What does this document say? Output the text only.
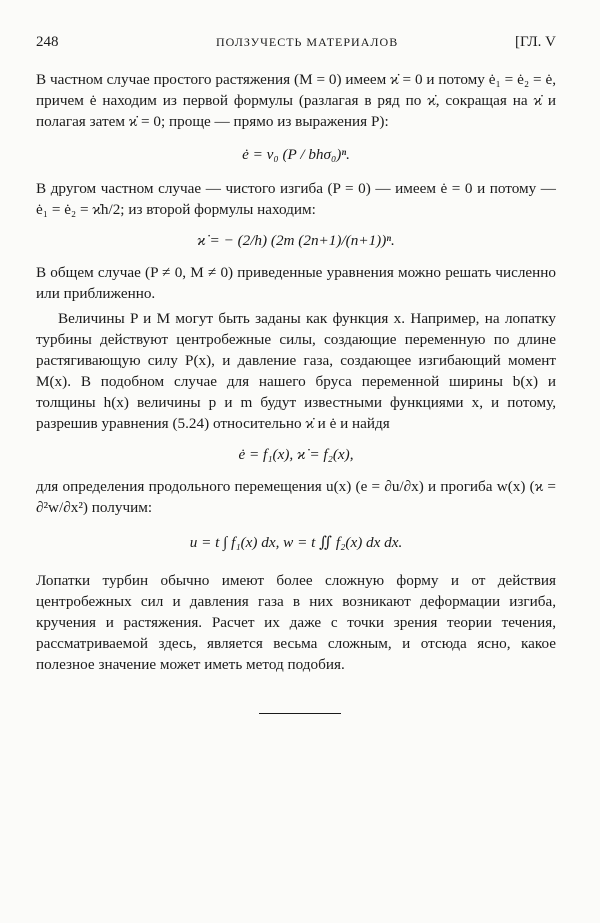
248	ПОЛЗУЧЕСТЬ МАТЕРИАЛОВ	[ГЛ. V

В частном случае простого растяжения (M = 0) имеем ϰ̇ = 0 и потому ė₁ = ė₂ = ė, причем ė находим из первой формулы (разлагая в ряд по ϰ̇, сокращая на ϰ̇ и полагая затем ϰ̇ = 0; проще — прямо из выражения P):

ė = v₀ (P / bhσ₀)ⁿ.

В другом частном случае — чистого изгиба (P = 0) — имеем ė = 0 и потому — ė₁ = ė₂ = ϰ̇h/2; из второй формулы находим:

ϰ̇ = − (2/h) (2m (2n+1)/(n+1))ⁿ.

В общем случае (P ≠ 0, M ≠ 0) приведенные уравнения можно решать численно или приближенно.

Величины P и M могут быть заданы как функция x. Например, на лопатку турбины действуют центробежные силы, создающие переменную по длине растягивающую силу P(x), и давление газа, создающее изгибающий момент M(x). В подобном случае для нашего бруса переменной ширины b(x) и толщины h(x) величины p и m будут известными функциями x, и потому, разрешив уравнения (5.24) относительно ϰ̇ и ė и найдя

ė = f₁(x), ϰ̇ = f₂(x),

для определения продольного перемещения u(x) (e = ∂u/∂x) и прогиба w(x) (ϰ = ∂²w/∂x²) получим:

u = t ∫ f₁(x) dx, w = t ∬ f₂(x) dx dx.

Лопатки турбин обычно имеют более сложную форму и от действия центробежных сил и давления газа в них возникают деформации изгиба, кручения и растяжения. Расчет их даже с точки зрения теории течения, рассматриваемой здесь, является весьма сложным, и отсюда ясно, какое полезное значение может иметь метод подобия.
